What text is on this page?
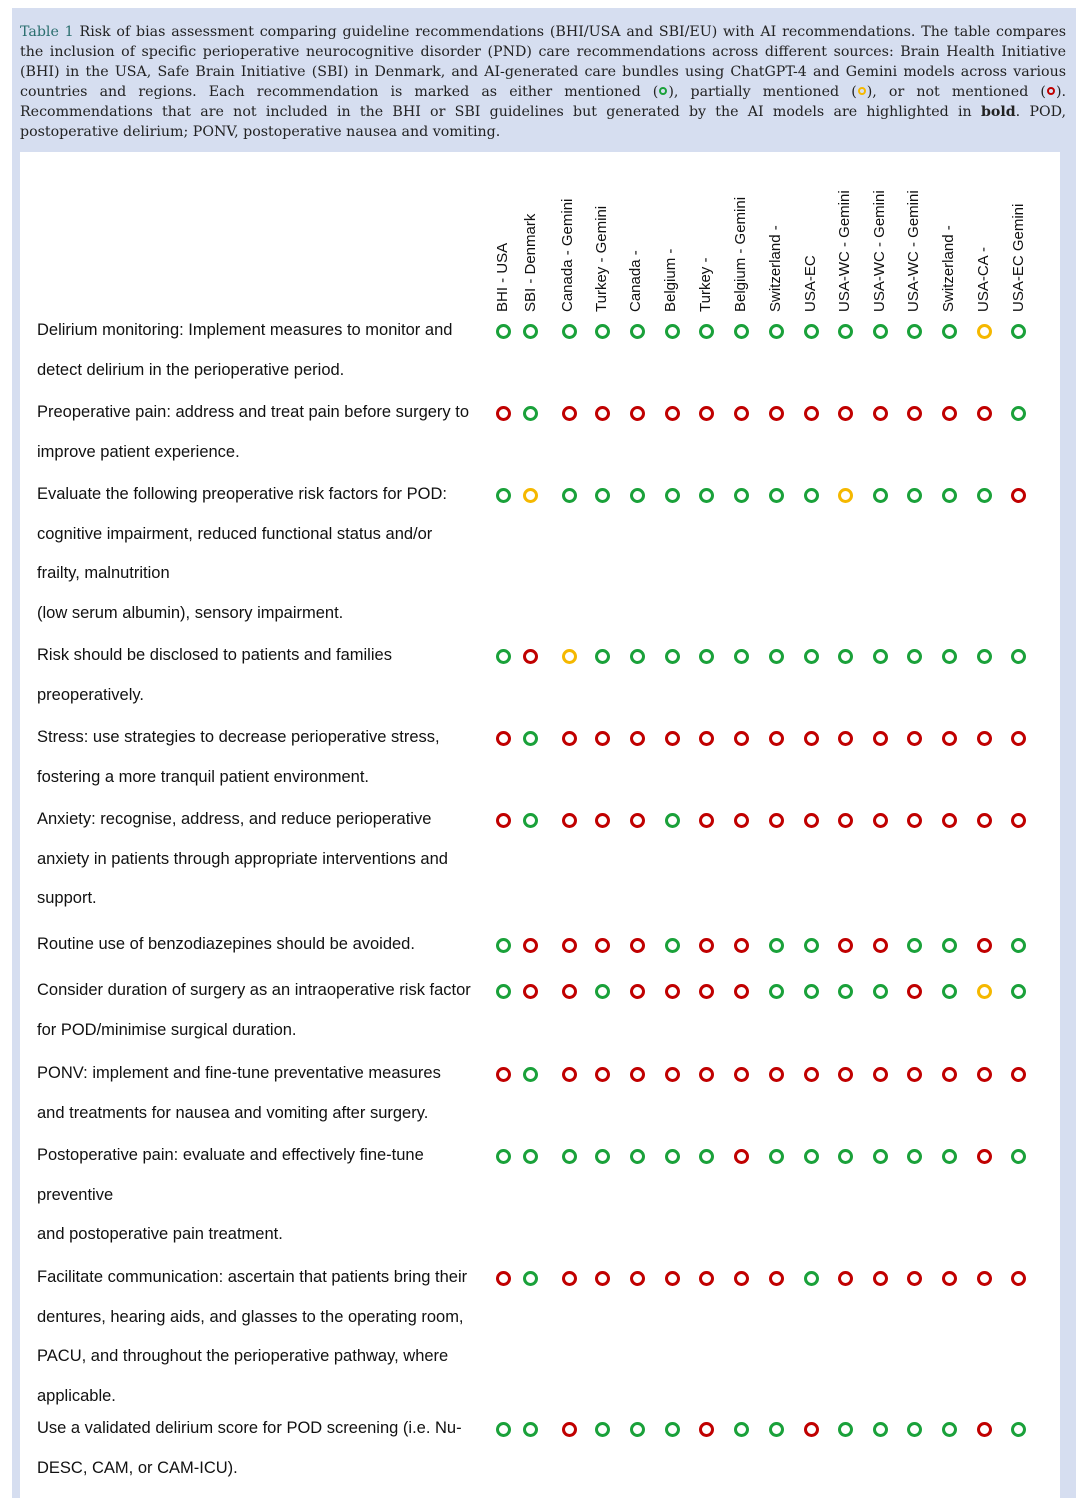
Table 1 Risk of bias assessment comparing guideline recommendations (BHI/USA and SBI/EU) with AI recommendations. The table compares the inclusion of specific perioperative neurocognitive disorder (PND) care recommendations across different sources: Brain Health Initiative (BHI) in the USA, Safe Brain Initiative (SBI) in Denmark, and AI-generated care bundles using ChatGPT-4 and Gemini models across various countries and regions. Each recommendation is marked as either mentioned ( ), partially mentioned ( ), or not mentioned ( ). Recommendations that are not included in the BHI or SBI guidelines but generated by the AI models are highlighted in bold. POD, postoperative delirium; PONV, postoperative nausea and vomiting.
BHI - USA SBI - Denmark Canada - Gemini Turkey - Gemini Canada - Belgium - Turkey - Belgium - Gemini Switzerland - USA-EC USA-WC - Gemini USA-WC - Gemini USA-WC - Gemini Switzerland - USA-CA - USA-EC Gemini
Delirium monitoring: Implement measures to monitor and
detect delirium in the perioperative period.
Preoperative pain: address and treat pain before surgery to
improve patient experience.
Evaluate the following preoperative risk factors for POD:
cognitive impairment, reduced functional status and/or
frailty, malnutrition
(low serum albumin), sensory impairment.
Risk should be disclosed to patients and families
preoperatively.
Stress: use strategies to decrease perioperative stress,
fostering a more tranquil patient environment.
Anxiety: recognise, address, and reduce perioperative
anxiety in patients through appropriate interventions and
support.
Routine use of benzodiazepines should be avoided.
Consider duration of surgery as an intraoperative risk factor
for POD/minimise surgical duration.
PONV: implement and fine-tune preventative measures
and treatments for nausea and vomiting after surgery.
Postoperative pain: evaluate and effectively fine-tune
preventive
and postoperative pain treatment.
Facilitate communication: ascertain that patients bring their
dentures, hearing aids, and glasses to the operating room,
PACU, and throughout the perioperative pathway, where
applicable.
Use a validated delirium score for POD screening (i.e. Nu-
DESC, CAM, or CAM-ICU).
